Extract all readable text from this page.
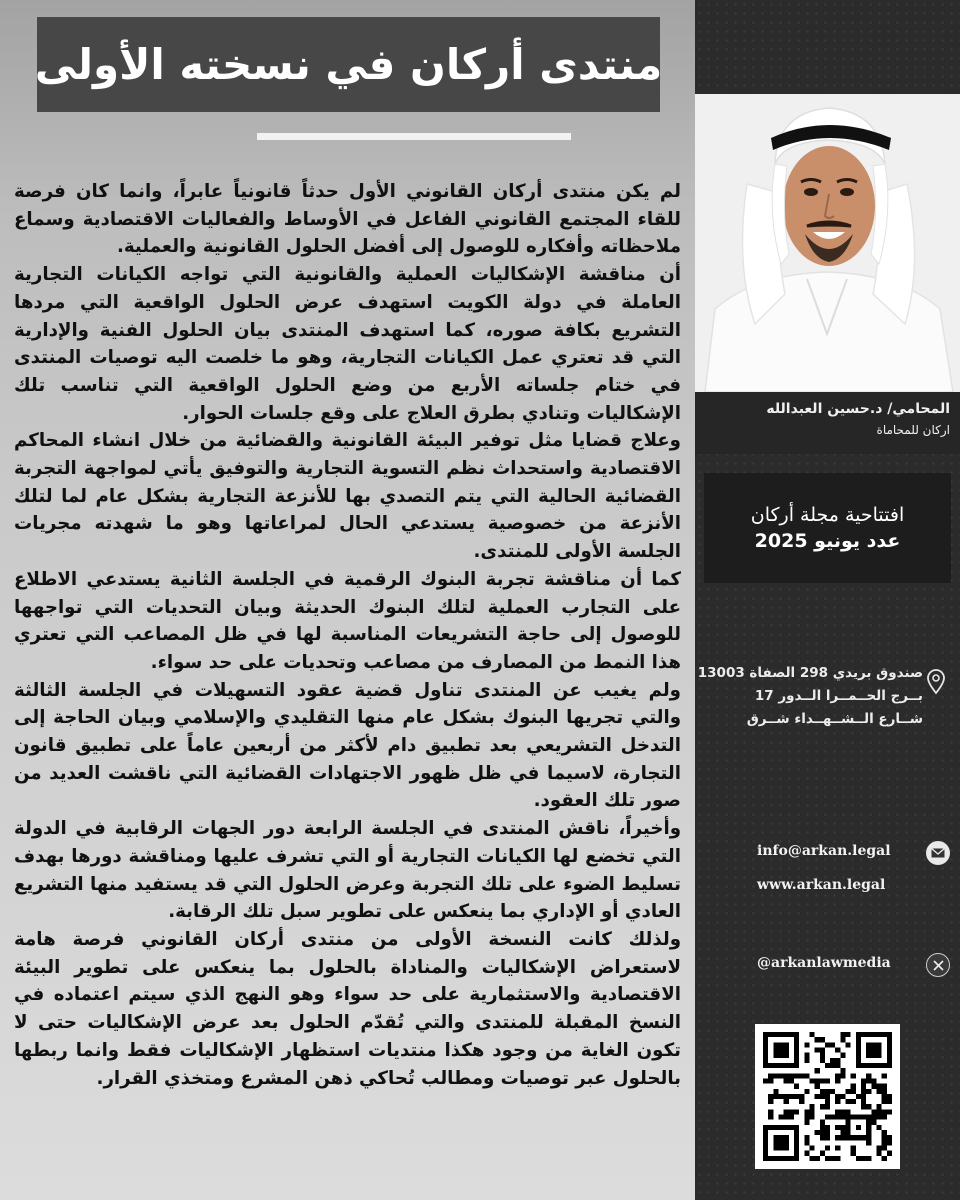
منتدى أركان في نسخته الأولى

لم يكن منتدى أركان القانوني الأول حدثاً قانونياً عابراً، وانما كان فرصة للقاء المجتمع القانوني الفاعل في الأوساط والفعاليات الاقتصادية وسماع ملاحظاته وأفكاره للوصول إلى أفضل الحلول القانونية والعملية.

أن مناقشة الإشكاليات العملية والقانونية التي تواجه الكيانات التجارية العاملة في دولة الكويت استهدف عرض الحلول الواقعية التي مردها التشريع بكافة صوره، كما استهدف المنتدى بيان الحلول الفنية والإدارية التي قد تعتري عمل الكيانات التجارية، وهو ما خلصت اليه توصيات المنتدى في ختام جلساته الأربع من وضع الحلول الواقعية التي تناسب تلك الإشكاليات وتنادي بطرق العلاج على وقع جلسات الحوار.

وعلاج قضايا مثل توفير البيئة القانونية والقضائية من خلال انشاء المحاكم الاقتصادية واستحداث نظم التسوية التجارية والتوفيق يأتي لمواجهة التجربة القضائية الحالية التي يتم التصدي بها للأنزعة التجارية بشكل عام لما لتلك الأنزعة من خصوصية يستدعي الحال لمراعاتها وهو ما شهدته مجريات الجلسة الأولى للمنتدى.

كما أن مناقشة تجربة البنوك الرقمية في الجلسة الثانية يستدعي الاطلاع على التجارب العملية لتلك البنوك الحديثة وبيان التحديات التي تواجهها للوصول إلى حاجة التشريعات المناسبة لها في ظل المصاعب التي تعتري هذا النمط من المصارف من مصاعب وتحديات على حد سواء.

ولم يغيب عن المنتدى تناول قضية عقود التسهيلات في الجلسة الثالثة والتي تجريها البنوك بشكل عام منها التقليدي والإسلامي وبيان الحاجة إلى التدخل التشريعي بعد تطبيق دام لأكثر من أربعين عاماً على تطبيق قانون التجارة، لاسيما في ظل ظهور الاجتهادات القضائية التي ناقشت العديد من صور تلك العقود.

وأخيراً، ناقش المنتدى في الجلسة الرابعة دور الجهات الرقابية في الدولة التي تخضع لها الكيانات التجارية أو التي تشرف عليها ومناقشة دورها بهدف تسليط الضوء على تلك التجربة وعرض الحلول التي قد يستفيد منها التشريع العادي أو الإداري بما ينعكس على تطوير سبل تلك الرقابة.

ولذلك كانت النسخة الأولى من منتدى أركان القانوني فرصة هامة لاستعراض الإشكاليات والمناداة بالحلول بما ينعكس على تطوير البيئة الاقتصادية والاستثمارية على حد سواء وهو النهج الذي سيتم اعتماده في النسخ المقبلة للمنتدى والتي تُقدّم الحلول بعد عرض الإشكاليات حتى لا تكون الغاية من وجود هكذا منتديات استظهار الإشكاليات فقط وانما ربطها بالحلول عبر توصيات ومطالب تُحاكي ذهن المشرع ومتخذي القرار.

المحامي/ د.حسين العبدالله
اركان للمحاماة
افتتاحية مجلة أركان
عدد يونيو 2025
صندوق بريدي 298 الصفاة 13003
بــرج الحــمــرا الــدور 17
شــارع الــشــهــداء شــرق
info@arkan.legal
www.arkan.legal
@arkanlawmedia
